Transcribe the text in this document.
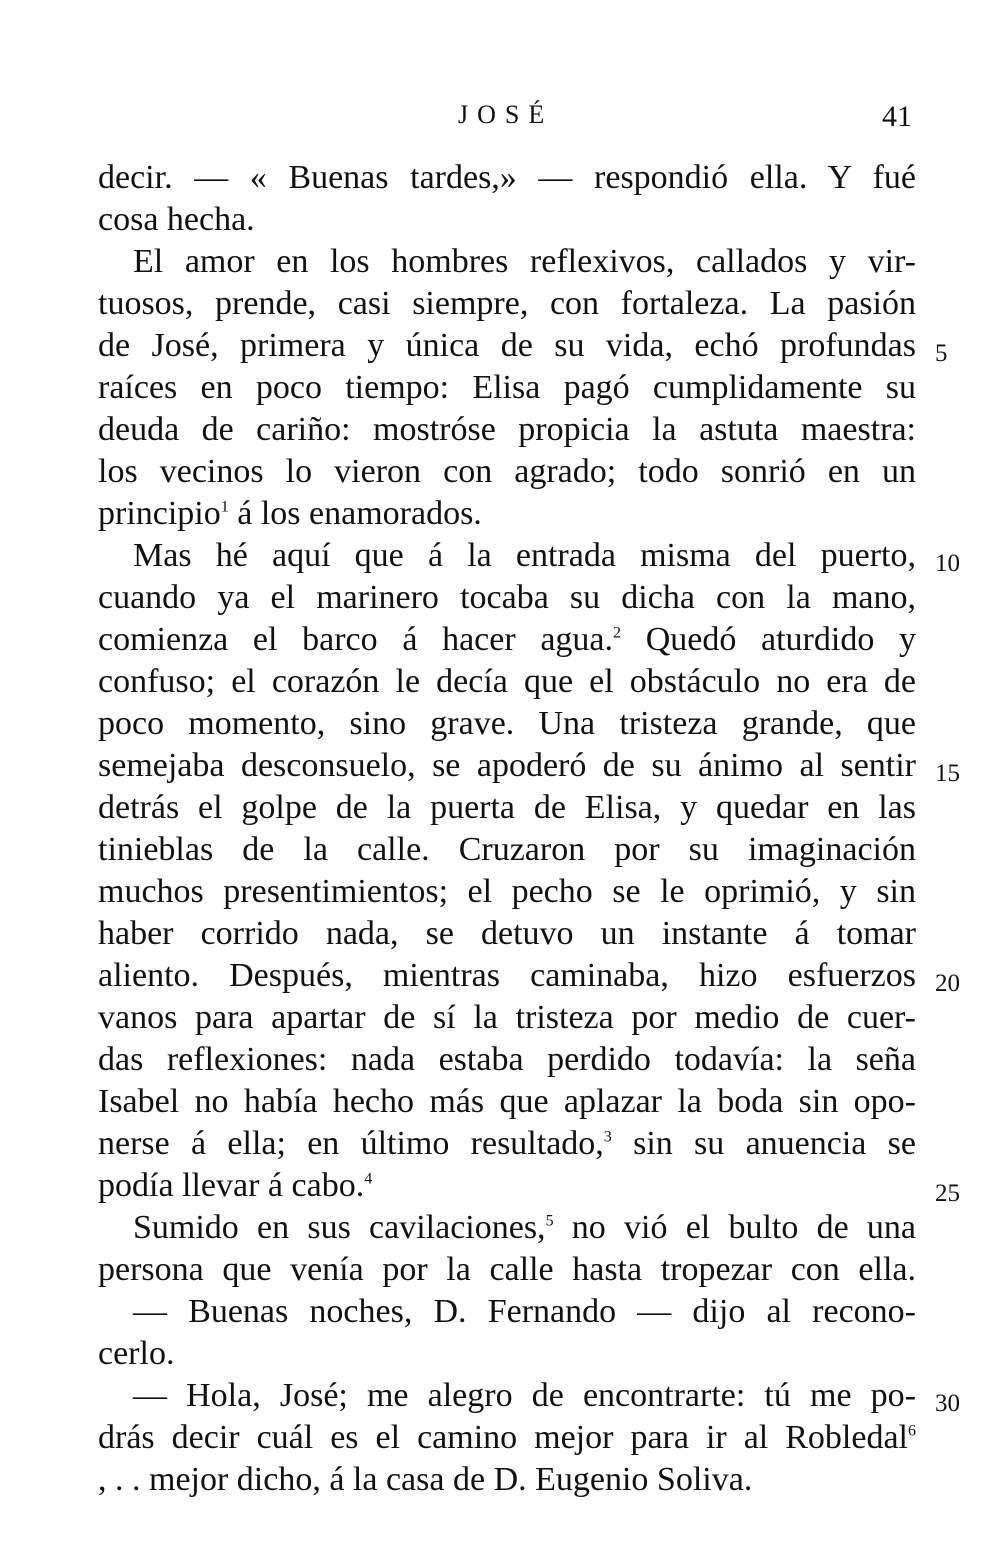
JOSÉ	41
decir. — « Buenas tardes,» — respondió ella. Y fué
cosa hecha.
El amor en los hombres reflexivos, callados y vir-
tuosos, prende, casi siempre, con fortaleza. La pasión
de José, primera y única de su vida, echó profundas
raíces en poco tiempo: Elisa pagó cumplidamente su
deuda de cariño: mostróse propicia la astuta maestra:
los vecinos lo vieron con agrado; todo sonrió en un
principio$^1$ á los enamorados.
Mas hé aquí que á la entrada misma del puerto,
cuando ya el marinero tocaba su dicha con la mano,
comienza el barco á hacer agua.$^2$ Quedó aturdido y
confuso; el corazón le decía que el obstáculo no era de
poco momento, sino grave. Una tristeza grande, que
semejaba desconsuelo, se apoderó de su ánimo al sentir
detrás el golpe de la puerta de Elisa, y quedar en las
tinieblas de la calle. Cruzaron por su imaginación
muchos presentimientos; el pecho se le oprimió, y sin
haber corrido nada, se detuvo un instante á tomar
aliento. Después, mientras caminaba, hizo esfuerzos
vanos para apartar de sí la tristeza por medio de cuer-
das reflexiones: nada estaba perdido todavía: la seña
Isabel no había hecho más que aplazar la boda sin opo-
nerse á ella; en último resultado,$^3$ sin su anuencia se
podía llevar á cabo.$^4$
Sumido en sus cavilaciones,$^5$ no vió el bulto de una
persona que venía por la calle hasta tropezar con ella.
— Buenas noches, D. Fernando — dijo al recono-
cerlo.
— Hola, José; me alegro de encontrarte: tú me po-
drás decir cuál es el camino mejor para ir al Robledal$^6$
, . . mejor dicho, á la casa de D. Eugenio Soliva.
5
10
15
20
25
30
